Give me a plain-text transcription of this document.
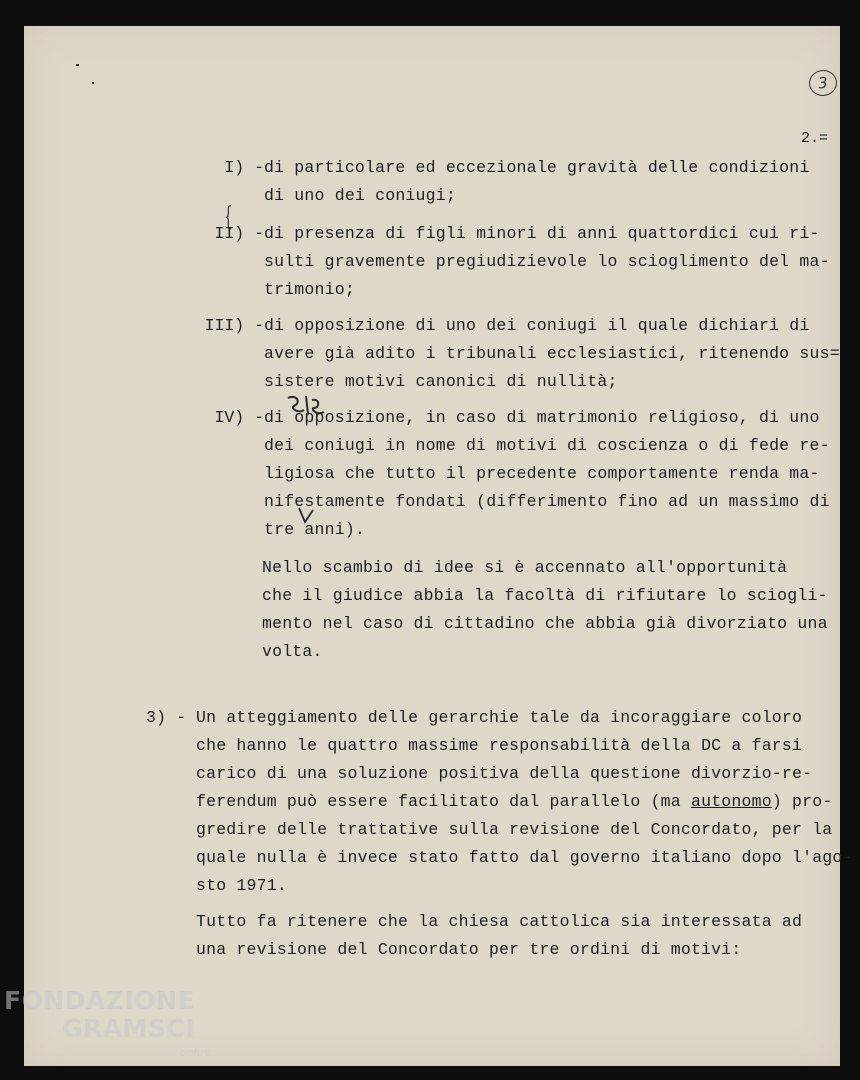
3
2.=
{
I) - di particolare ed eccezionale gravità delle condizioni
di uno dei coniugi;
II) - di presenza di figli minori di anni quattordici cui ri-
sulti gravemente pregiudizievole lo scioglimento del ma-
trimonio;
III) - di opposizione di uno dei coniugi il quale dichiari di
avere già adito i tribunali ecclesiastici, ritenendo sus=
sistere motivi canonici di nullità;
IV) - di opposizione, in caso di matrimonio religioso, di uno
dei coniugi in nome di motivi di coscienza o di fede re-
ligiosa che tutto il precedente comportamente renda ma-
nifestamente fondati (differimento fino ad un massimo di
tre anni).
Nello scambio di idee si è accennato all'opportunità
che il giudice abbia la facoltà di rifiutare lo sciogli-
mento nel caso di cittadino che abbia già divorziato una
volta.
3) - Un atteggiamento delle gerarchie tale da incoraggiare coloro
che hanno le quattro massime responsabilità della DC a farsi
carico di una soluzione positiva della questione divorzio-re-
ferendum può essere facilitato dal parallelo (ma autonomo) pro-
gredire delle trattative sulla revisione del Concordato, per la
quale nulla è invece stato fatto dal governo italiano dopo l'ago-
sto 1971.
Tutto fa ritenere che la chiesa cattolica sia interessata ad
una revisione del Concordato per tre ordini di motivi:
FONDAZIONE
GRAMSCI
onlus
